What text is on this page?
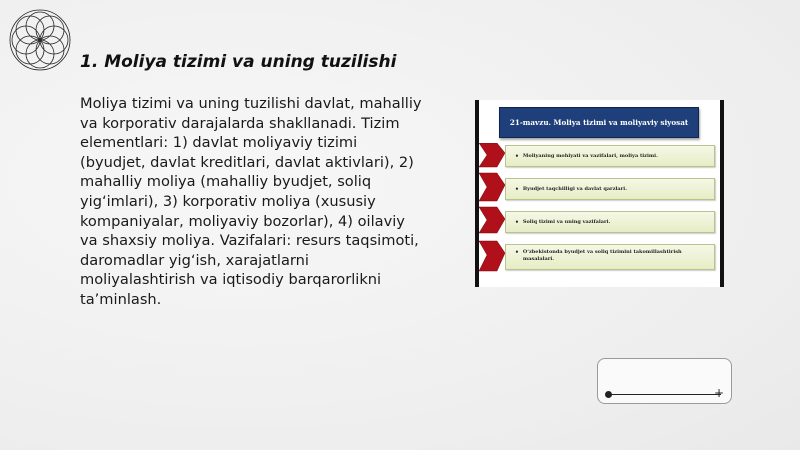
1. Moliya tizimi va uning tuzilishi
Moliya tizimi va uning tuzilishi davlat, mahalliy va korporativ darajalarda shakllanadi. Tizim elementlari: 1) davlat moliyaviy tizimi (byudjet, davlat kreditlari, davlat aktivlari), 2) mahalliy moliya (mahalliy byudjet, soliq yig‘imlari), 3) korporativ moliya (xususiy kompaniyalar, moliyaviy bozorlar), 4) oilaviy va shaxsiy moliya. Vazifalari: resurs taqsimoti, daromadlar yig‘ish, xarajatlarni moliyalashtirish va iqtisodiy barqarorlikni ta’minlash.
21-mavzu. Moliya tizimi va moliyaviy siyosat
• Moliyaning mohiyati va vazifalari, moliya tizimi.
• Byudjet taqchilligi va davlat qarzlari.
• Soliq tizimi va uning vazifalari.
• O‘zbekistonda byudjet va soliq tizimini takomillashtirish masalalari.
+
